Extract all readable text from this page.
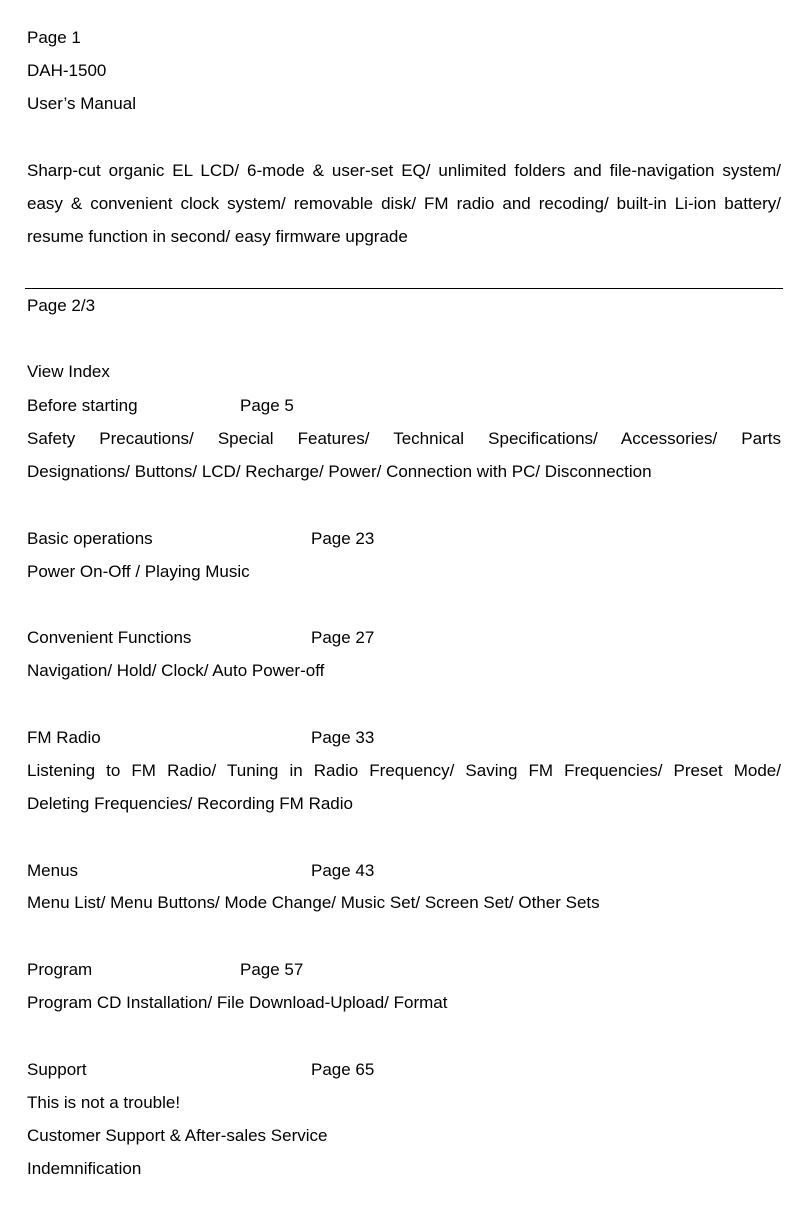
Page 1
DAH-1500
User’s Manual
Sharp-cut organic EL LCD/ 6-mode & user-set EQ/ unlimited folders and file-navigation system/
easy & convenient clock system/ removable disk/ FM radio and recoding/ built-in Li-ion battery/
resume function in second/ easy firmware upgrade
Page 2/3
View Index
Before starting	Page 5
Safety Precautions/ Special Features/ Technical Specifications/ Accessories/ Parts
Designations/ Buttons/ LCD/ Recharge/ Power/ Connection with PC/ Disconnection
Basic operations	Page 23
Power On-Off / Playing Music
Convenient Functions	Page 27
Navigation/ Hold/ Clock/ Auto Power-off
FM Radio	Page 33
Listening to FM Radio/ Tuning in Radio Frequency/ Saving FM Frequencies/ Preset Mode/
Deleting Frequencies/ Recording FM Radio
Menus	Page 43
Menu List/ Menu Buttons/ Mode Change/ Music Set/ Screen Set/ Other Sets
Program	Page 57
Program CD Installation/ File Download-Upload/ Format
Support	Page 65
This is not a trouble!
Customer Support & After-sales Service
Indemnification
